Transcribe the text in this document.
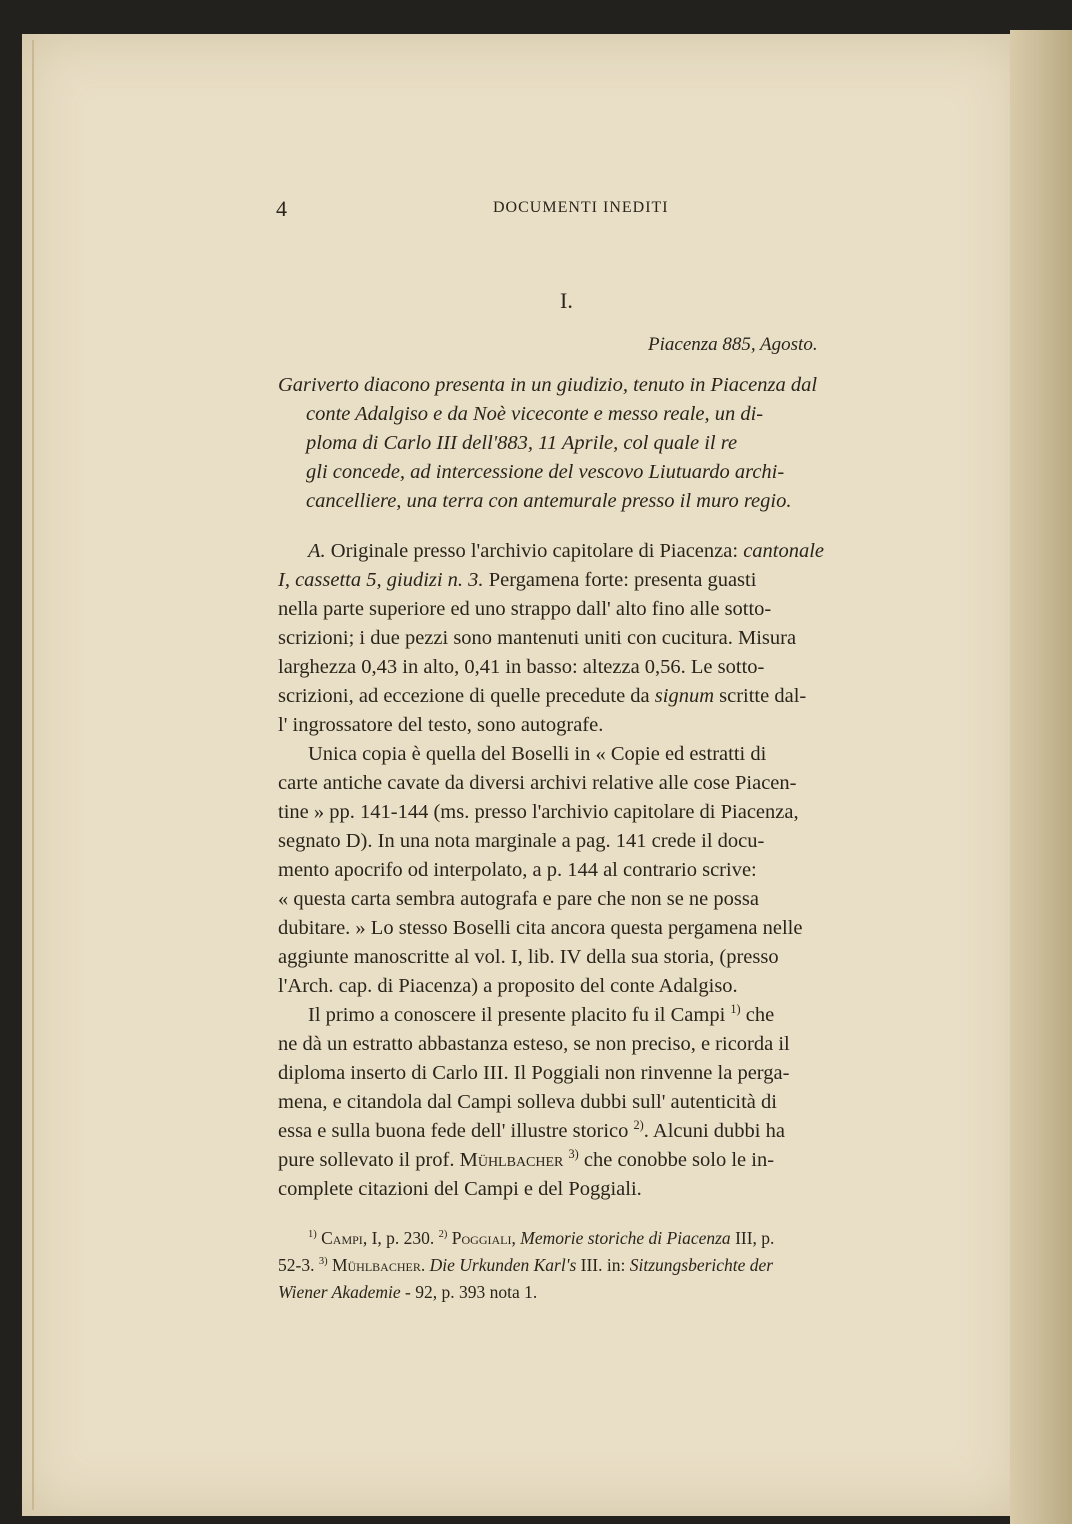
4	DOCUMENTI INEDITI
I.
Piacenza 885, Agosto.
Gariverto diacono presenta in un giudizio, tenuto in Piacenza dal
conte Adalgiso e da Noè viceconte e messo reale, un di-
ploma di Carlo III dell'883, 11 Aprile, col quale il re
gli concede, ad intercessione del vescovo Liutuardo archi-
cancelliere, una terra con antemurale presso il muro regio.
A. Originale presso l'archivio capitolare di Piacenza: cantonale
I, cassetta 5, giudizi n. 3. Pergamena forte: presenta guasti
nella parte superiore ed uno strappo dall' alto fino alle sotto-
scrizioni; i due pezzi sono mantenuti uniti con cucitura. Misura
larghezza 0,43 in alto, 0,41 in basso: altezza 0,56. Le sotto-
scrizioni, ad eccezione di quelle precedute da signum scritte dal-
l' ingrossatore del testo, sono autografe.
Unica copia è quella del Boselli in « Copie ed estratti di
carte antiche cavate da diversi archivi relative alle cose Piacen-
tine » pp. 141-144 (ms. presso l'archivio capitolare di Piacenza,
segnato D). In una nota marginale a pag. 141 crede il docu-
mento apocrifo od interpolato, a p. 144 al contrario scrive:
« questa carta sembra autografa e pare che non se ne possa
dubitare. » Lo stesso Boselli cita ancora questa pergamena nelle
aggiunte manoscritte al vol. I, lib. IV della sua storia, (presso
l'Arch. cap. di Piacenza) a proposito del conte Adalgiso.
Il primo a conoscere il presente placito fu il Campi $^{1)}$ che
ne dà un estratto abbastanza esteso, se non preciso, e ricorda il
diploma inserto di Carlo III. Il Poggiali non rinvenne la perga-
mena, e citandola dal Campi solleva dubbi sull' autenticità di
essa e sulla buona fede dell' illustre storico $^{2)}$. Alcuni dubbi ha
pure sollevato il prof. Mühlbacher $^{3)}$ che conobbe solo le in-
complete citazioni del Campi e del Poggiali.
$^{1)}$ Campi, I, p. 230. $^{2)}$ Poggiali, Memorie storiche di Piacenza III, p.
52-3. $^{3)}$ Mühlbacher. Die Urkunden Karl's III. in: Sitzungsberichte der
Wiener Akademie - 92, p. 393 nota 1.
